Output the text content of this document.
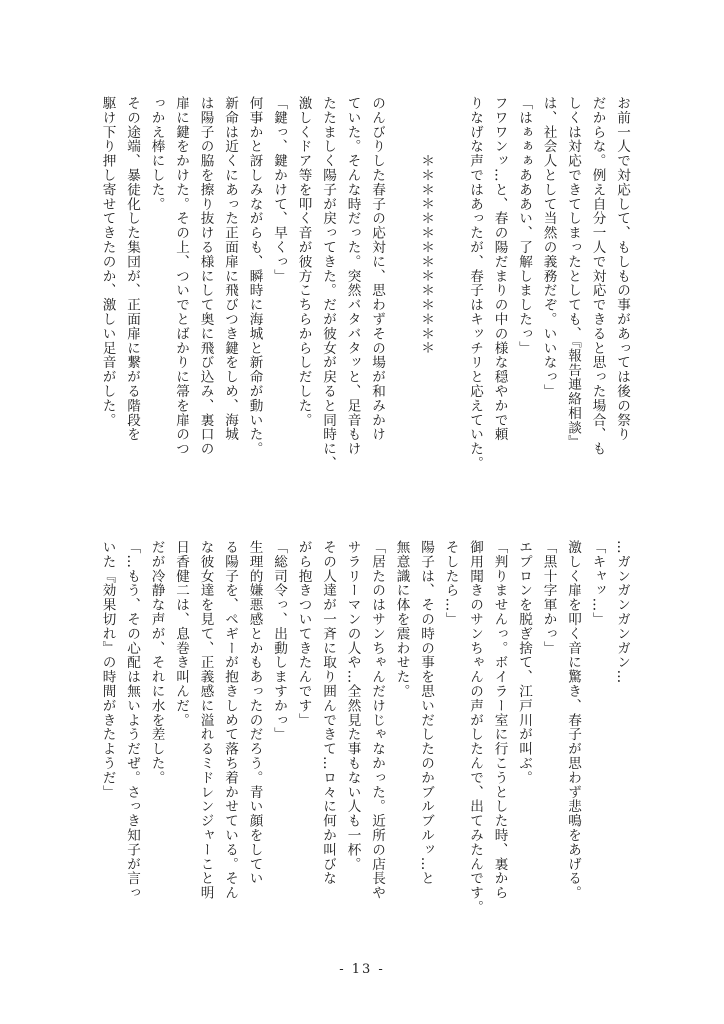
お前一人で対応して、もしもの事があっては後の祭り
だからな。例え自分一人で対応できると思った場合、も
しくは対応できてしまったとしても、『報告連絡相談』
は、社会人として当然の義務だぞ。いいなっ」
「はぁぁぁあああい、了解しましたっ」
フワワンッ…と、春の陽だまりの中の様な穏やかで頼
りなげな声ではあったが、春子はキッチリと応えていた。
　　　　＊＊＊＊＊＊＊＊＊＊＊＊＊＊
のんびりした春子の応対に、思わずその場が和みかけ
ていた。そんな時だった。突然バタバタッと、足音もけ
たたましく陽子が戻ってきた。だが彼女が戻ると同時に、
激しくドア等を叩く音が彼方こちらからしだした。
「鍵っ、鍵かけて、早くっ」
何事かと訝しみながらも、瞬時に海城と新命が動いた。
新命は近くにあった正面扉に飛びつき鍵をしめ、海城
は陽子の脇を擦り抜ける様にして奥に飛び込み、裏口の
扉に鍵をかけた。その上、ついでとばかりに箒を扉のつ
っかえ棒にした。
その途端、暴徒化した集団が、正面扉に繋がる階段を
駆け下り押し寄せてきたのか、激しい足音がした。
…ガンガンガンガン…
「キャッ…」
激しく扉を叩く音に驚き、春子が思わず悲鳴をあげる。
「黒十字軍かっ」
エプロンを脱ぎ捨て、江戸川が叫ぶ。
「判りませんっ。ボイラー室に行こうとした時、裏から
御用聞きのサンちゃんの声がしたんで、出てみたんです。
そしたら…」
陽子は、その時の事を思いだしたのかブルブルッ…と
無意識に体を震わせた。
「居たのはサンちゃんだけじゃなかった。近所の店長や
サラリーマンの人や…全然見た事もない人も一杯。
その人達が一斉に取り囲んできて…ロ々に何か叫びな
がら抱きついてきたんです」
「総司令っ、出動しますかっ」
生理的嫌悪感とかもあったのだろう。青い顔をしてい
る陽子を、ペギーが抱きしめて落ち着かせている。そん
な彼女達を見て、正義感に溢れるミドレンジャーこと明
日香健二は、息巻き叫んだ。
だが冷静な声が、それに水を差した。
「…もう、その心配は無いようだぜ。さっき知子が言っ
いた『効果切れ』の時間がきたようだ」
- 13 -
